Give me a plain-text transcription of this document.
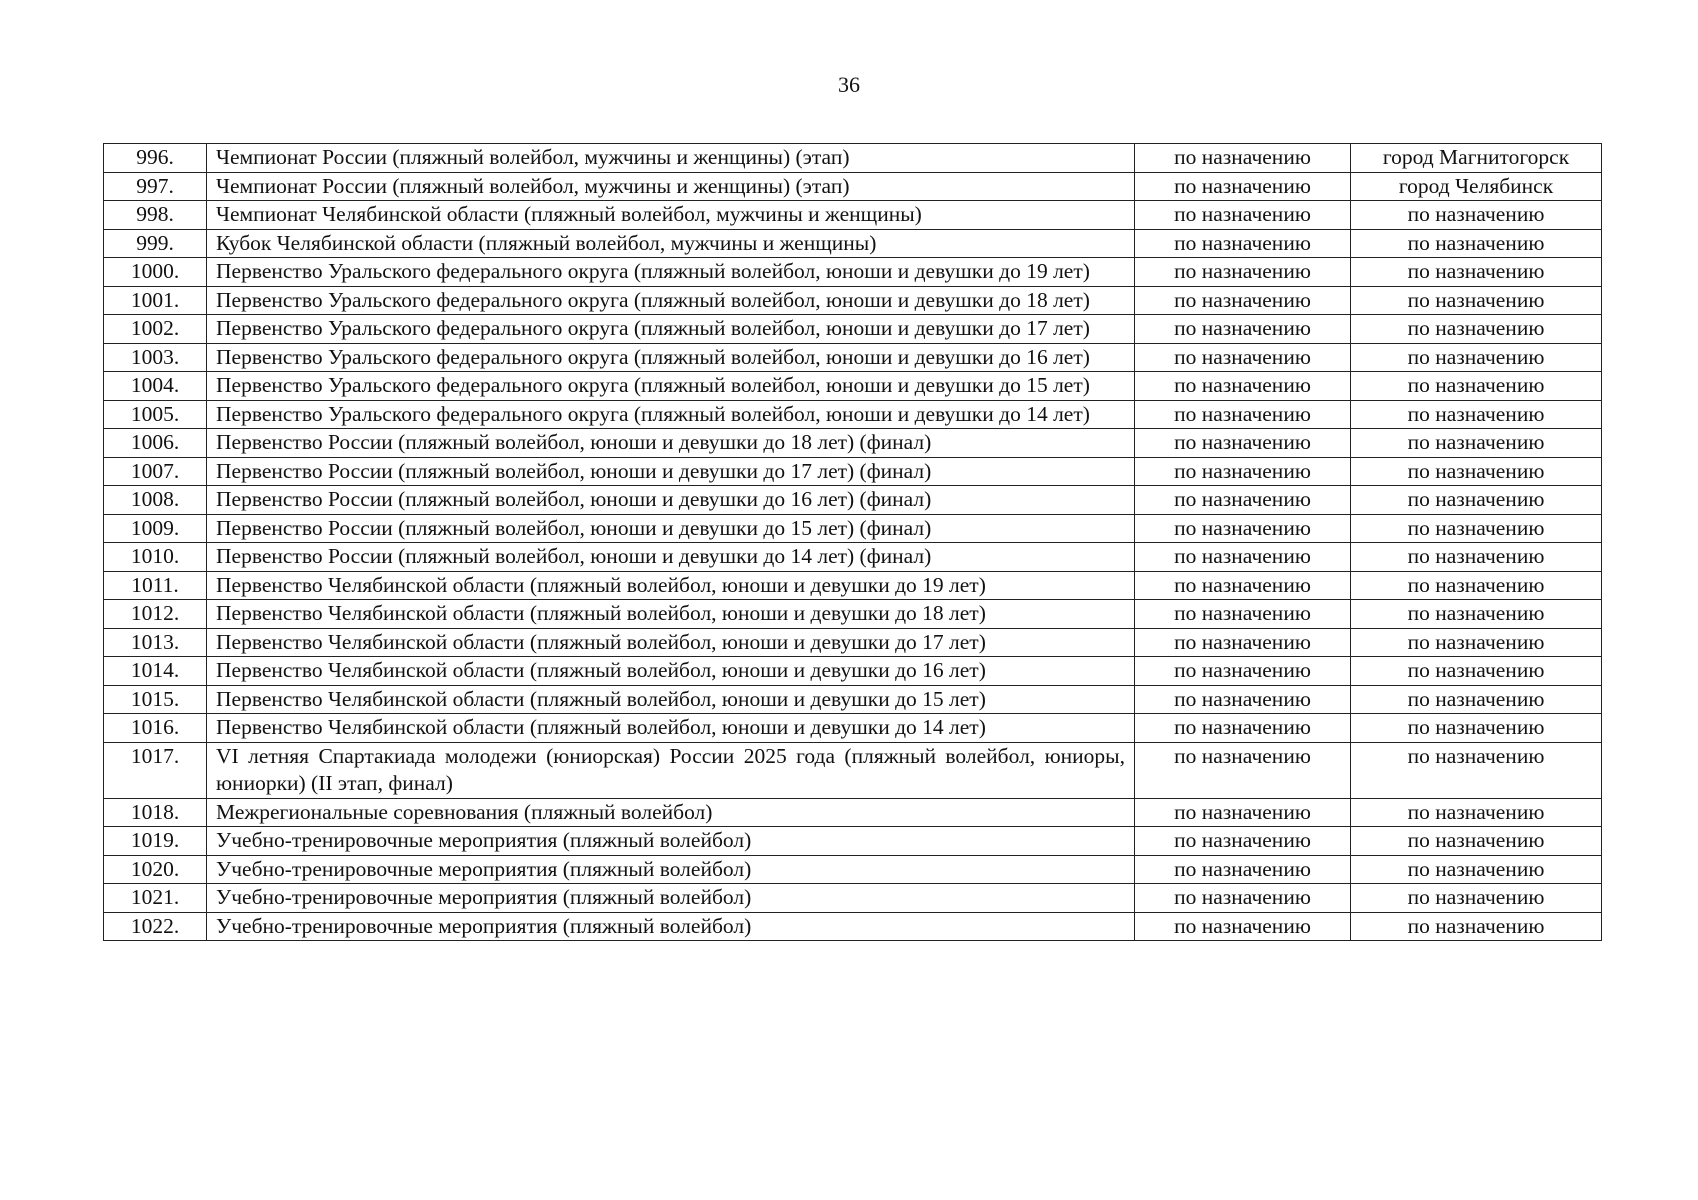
36
996.	Чемпионат России (пляжный волейбол, мужчины и женщины) (этап)	по назначению	город Магнитогорск
997.	Чемпионат России (пляжный волейбол, мужчины и женщины) (этап)	по назначению	город Челябинск
998.	Чемпионат Челябинской области (пляжный волейбол, мужчины и женщины)	по назначению	по назначению
999.	Кубок Челябинской области (пляжный волейбол, мужчины и женщины)	по назначению	по назначению
1000.	Первенство Уральского федерального округа (пляжный волейбол, юноши и девушки до 19 лет)	по назначению	по назначению
1001.	Первенство Уральского федерального округа (пляжный волейбол, юноши и девушки до 18 лет)	по назначению	по назначению
1002.	Первенство Уральского федерального округа (пляжный волейбол, юноши и девушки до 17 лет)	по назначению	по назначению
1003.	Первенство Уральского федерального округа (пляжный волейбол, юноши и девушки до 16 лет)	по назначению	по назначению
1004.	Первенство Уральского федерального округа (пляжный волейбол, юноши и девушки до 15 лет)	по назначению	по назначению
1005.	Первенство Уральского федерального округа (пляжный волейбол, юноши и девушки до 14 лет)	по назначению	по назначению
1006.	Первенство России (пляжный волейбол, юноши и девушки до 18 лет) (финал)	по назначению	по назначению
1007.	Первенство России (пляжный волейбол, юноши и девушки до 17 лет) (финал)	по назначению	по назначению
1008.	Первенство России (пляжный волейбол, юноши и девушки до 16 лет) (финал)	по назначению	по назначению
1009.	Первенство России (пляжный волейбол, юноши и девушки до 15 лет) (финал)	по назначению	по назначению
1010.	Первенство России (пляжный волейбол, юноши и девушки до 14 лет) (финал)	по назначению	по назначению
1011.	Первенство Челябинской области (пляжный волейбол, юноши и девушки до 19 лет)	по назначению	по назначению
1012.	Первенство Челябинской области (пляжный волейбол, юноши и девушки до 18 лет)	по назначению	по назначению
1013.	Первенство Челябинской области (пляжный волейбол, юноши и девушки до 17 лет)	по назначению	по назначению
1014.	Первенство Челябинской области (пляжный волейбол, юноши и девушки до 16 лет)	по назначению	по назначению
1015.	Первенство Челябинской области (пляжный волейбол, юноши и девушки до 15 лет)	по назначению	по назначению
1016.	Первенство Челябинской области (пляжный волейбол, юноши и девушки до 14 лет)	по назначению	по назначению
1017.	VI летняя Спартакиада молодежи (юниорская) России 2025 года (пляжный волейбол, юниоры, юниорки) (II этап, финал)	по назначению	по назначению
1018.	Межрегиональные соревнования (пляжный волейбол)	по назначению	по назначению
1019.	Учебно-тренировочные мероприятия (пляжный волейбол)	по назначению	по назначению
1020.	Учебно-тренировочные мероприятия (пляжный волейбол)	по назначению	по назначению
1021.	Учебно-тренировочные мероприятия (пляжный волейбол)	по назначению	по назначению
1022.	Учебно-тренировочные мероприятия (пляжный волейбол)	по назначению	по назначению
